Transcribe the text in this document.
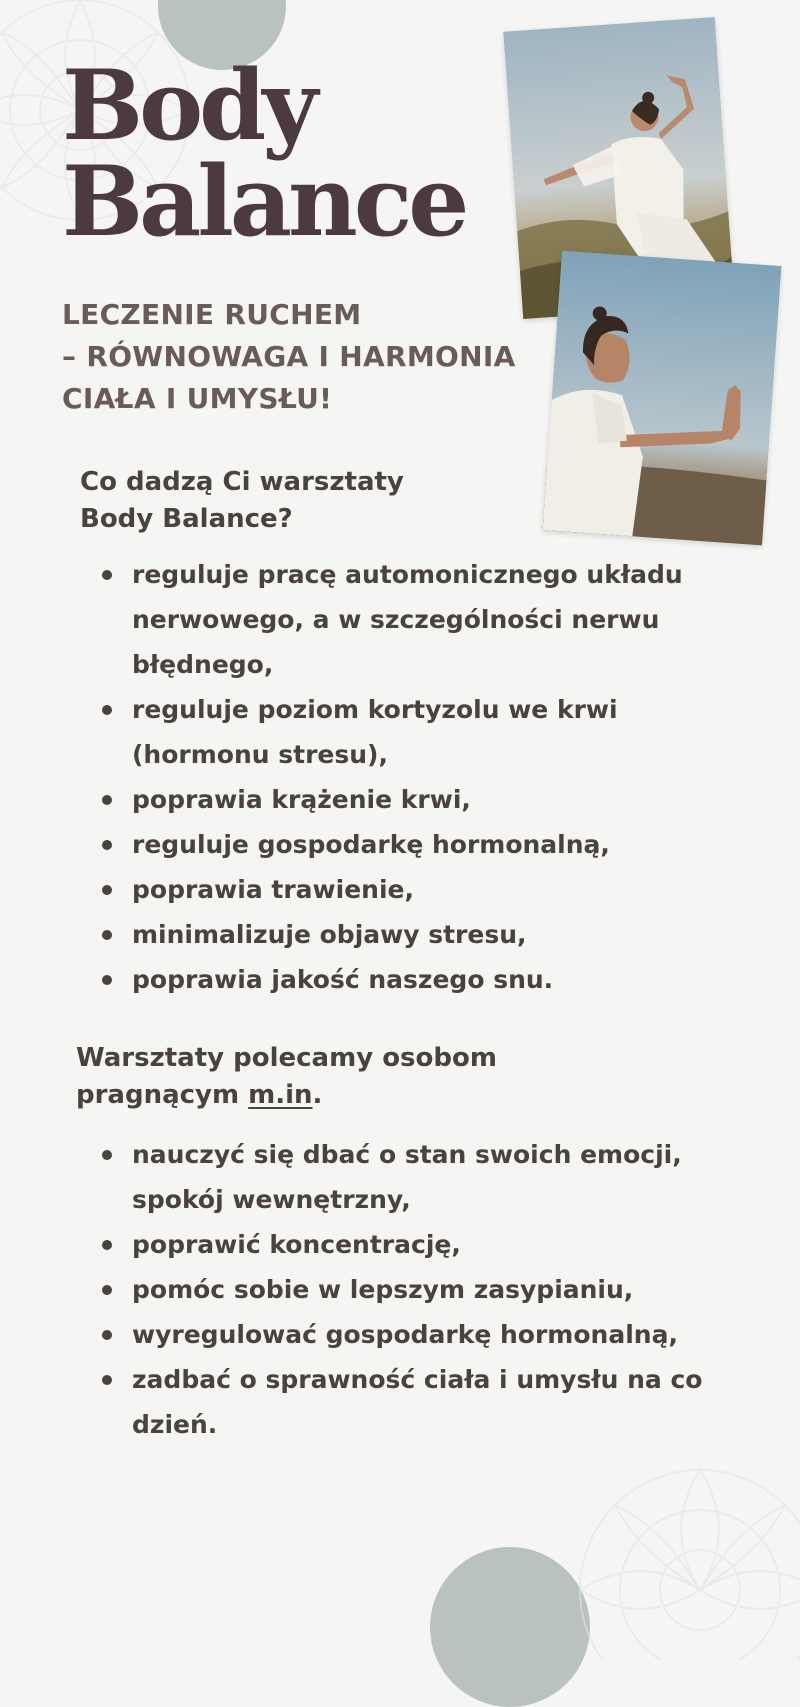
Body
Balance
LECZENIE RUCHEM
– RÓWNOWAGA I HARMONIA
CIAŁA I UMYSŁU!
Co dadzą Ci warsztaty
Body Balance?
reguluje pracę automonicznego układu nerwowego, a w szczególności nerwu błędnego,
reguluje poziom kortyzolu we krwi (hormonu stresu),
poprawia krążenie krwi,
reguluje gospodarkę hormonalną,
poprawia trawienie,
minimalizuje objawy stresu,
poprawia jakość naszego snu.
Warsztaty polecamy osobom
pragnącym m.in.
nauczyć się dbać o stan swoich emocji, spokój wewnętrzny,
poprawić koncentrację,
pomóc sobie w lepszym zasypianiu,
wyregulować gospodarkę hormonalną,
zadbać o sprawność ciała i umysłu na co dzień.
